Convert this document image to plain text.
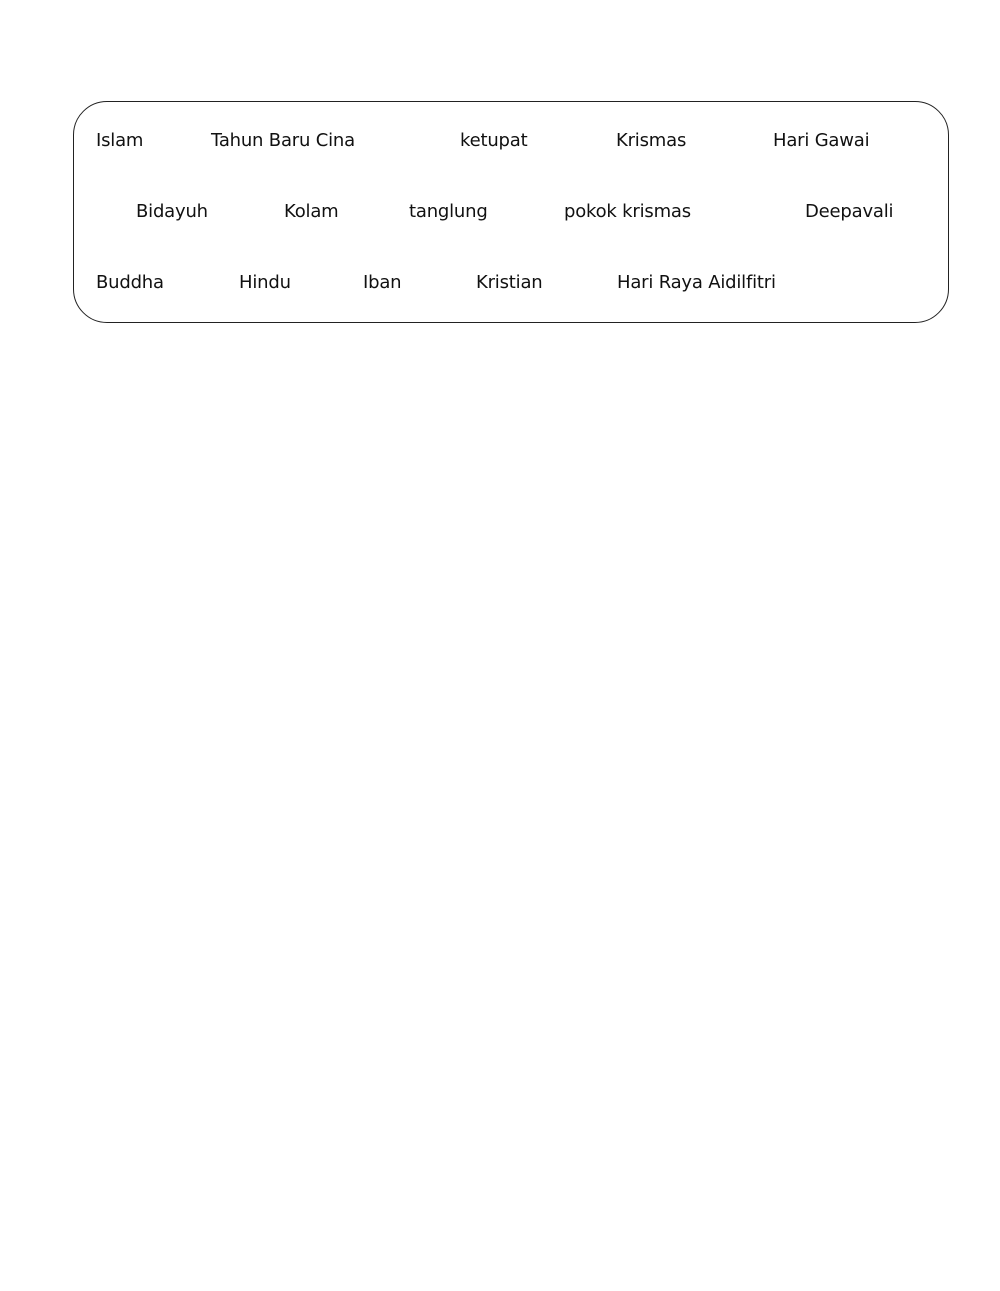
Islam	Tahun Baru Cina	ketupat	Krismas	Hari Gawai
Bidayuh	Kolam	tanglung	pokok krismas	Deepavali
Buddha	Hindu	Iban	Kristian	Hari Raya Aidilfitri
